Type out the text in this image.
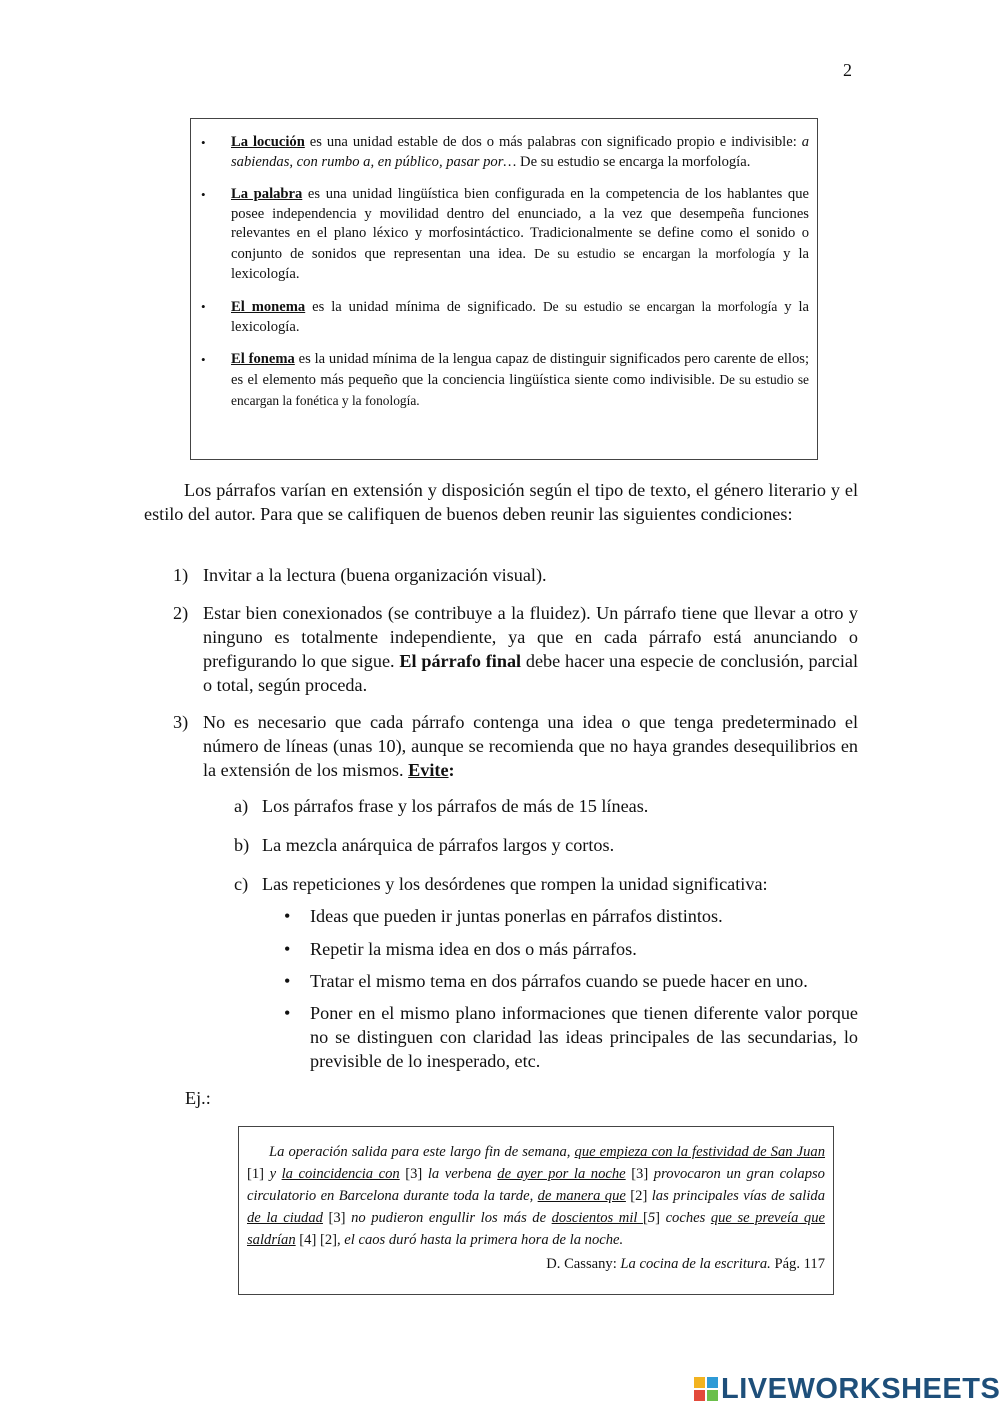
2
•	La locución es una unidad estable de dos o más palabras con significado propio e indivisible: a sabiendas, con rumbo a, en público, pasar por… De su estudio se encarga la morfología.
•	La palabra es una unidad lingüística bien configurada en la competencia de los hablantes que posee independencia y movilidad dentro del enunciado, a la vez que desempeña funciones relevantes en el plano léxico y morfosintáctico. Tradicionalmente se define como el sonido o conjunto de sonidos que representan una idea. De su estudio se encargan la morfología y la lexicología.
•	El monema es la unidad mínima de significado. De su estudio se encargan la morfología y la lexicología.
•	El fonema es la unidad mínima de la lengua capaz de distinguir significados pero carente de ellos; es el elemento más pequeño que la conciencia lingüística siente como indivisible. De su estudio se encargan la fonética y la fonología.
Los párrafos varían en extensión y disposición según el tipo de texto, el género literario y el estilo del autor. Para que se califiquen de buenos deben reunir las siguientes condiciones:
1) Invitar a la lectura (buena organización visual).
2) Estar bien conexionados (se contribuye a la fluidez). Un párrafo tiene que llevar a otro y ninguno es totalmente independiente, ya que en cada párrafo está anunciando o prefigurando lo que sigue. El párrafo final debe hacer una especie de conclusión, parcial o total, según proceda.
3) No es necesario que cada párrafo contenga una idea o que tenga predeterminado el número de líneas (unas 10), aunque se recomienda que no haya grandes desequilibrios en la extensión de los mismos. Evite:
a) Los párrafos frase y los párrafos de más de 15 líneas.
b) La mezcla anárquica de párrafos largos y cortos.
c) Las repeticiones y los desórdenes que rompen la unidad significativa:
• Ideas que pueden ir juntas ponerlas en párrafos distintos.
• Repetir la misma idea en dos o más párrafos.
• Tratar el mismo tema en dos párrafos cuando se puede hacer en uno.
• Poner en el mismo plano informaciones que tienen diferente valor porque no se distinguen con claridad las ideas principales de las secundarias, lo previsible de lo inesperado, etc.
Ej.:
La operación salida para este largo fin de semana, que empieza con la festividad de San Juan [1] y la coincidencia con [3] la verbena de ayer por la noche [3] provocaron un gran colapso circulatorio en Barcelona durante toda la tarde, de manera que [2] las principales vías de salida de la ciudad [3] no pudieron engullir los más de doscientos mil [5] coches que se preveía que saldrían [4] [2], el caos duró hasta la primera hora de la noche.
D. Cassany: La cocina de la escritura. Pág. 117
LIVEWORKSHEETS
